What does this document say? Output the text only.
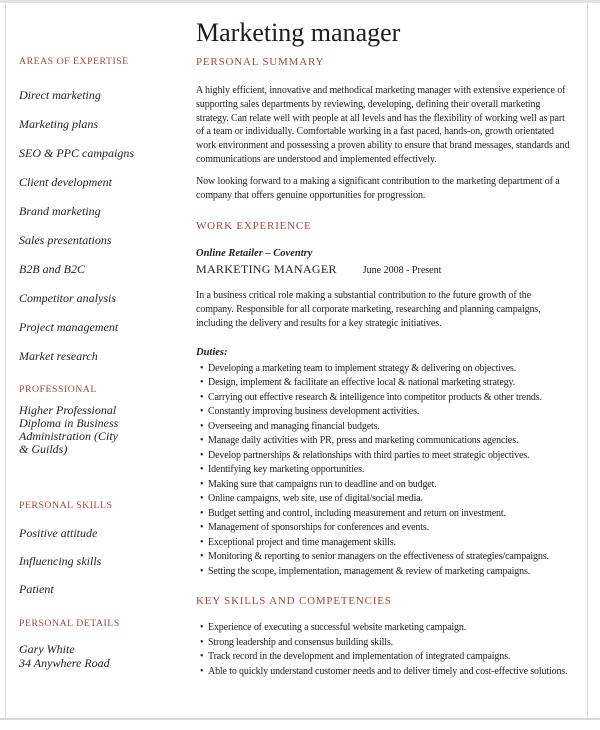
AREAS OF EXPERTISE
Direct marketing
Marketing plans
SEO & PPC campaigns
Client development
Brand marketing
Sales presentations
B2B and B2C
Competitor analysis
Project management
Market research
PROFESSIONAL
Higher Professional Diploma in Business Administration (City & Guilds)
PERSONAL SKILLS
Positive attitude
Influencing skills
Patient
PERSONAL DETAILS
Gary White
34 Anywhere Road
Marketing manager
PERSONAL SUMMARY

A highly efficient, innovative and methodical marketing manager with extensive experience of supporting sales departments by reviewing, developing, defining their overall marketing strategy. Can relate well with people at all levels and has the flexibility of working well as part of a team or individually. Comfortable working in a fast paced, hands-on, growth orientated work environment and possessing a proven ability to ensure that brand messages, standards and communications are understood and implemented effectively.

Now looking forward to a making a significant contribution to the marketing department of a company that offers genuine opportunities for progression.

WORK EXPERIENCE
Online Retailer – Coventry
MARKETING MANAGER	June 2008 - Present

In a business critical role making a substantial contribution to the future growth of the company. Responsible for all corporate marketing, researching and planning campaigns, including the delivery and results for a key strategic initiatives.

Duties:
• Developing a marketing team to implement strategy & delivering on objectives.
• Design, implement & facilitate an effective local & national marketing strategy.
• Carrying out effective research & intelligence into competitor products & other trends.
• Constantly improving business development activities.
• Overseeing and managing financial budgets.
• Manage daily activities with PR, press and marketing communications agencies.
• Develop partnerships & relationships with third parties to meet strategic objectives.
• Identifying key marketing opportunities.
• Making sure that campaigns run to deadline and on budget.
• Online campaigns, web site, use of digital/social media.
• Budget setting and control, including measurement and return on investment.
• Management of sponsorships for conferences and events.
• Exceptional project and time management skills.
• Monitoring & reporting to senior managers on the effectiveness of strategies/campaigns.
• Setting the scope, implementation, management & review of marketing campaigns.
KEY SKILLS AND COMPETENCIES
• Experience of executing a successful website marketing campaign.
• Strong leadership and consensus building skills.
• Track record in the development and implementation of integrated campaigns.
• Able to quickly understand customer needs and to deliver timely and cost-effective solutions.
